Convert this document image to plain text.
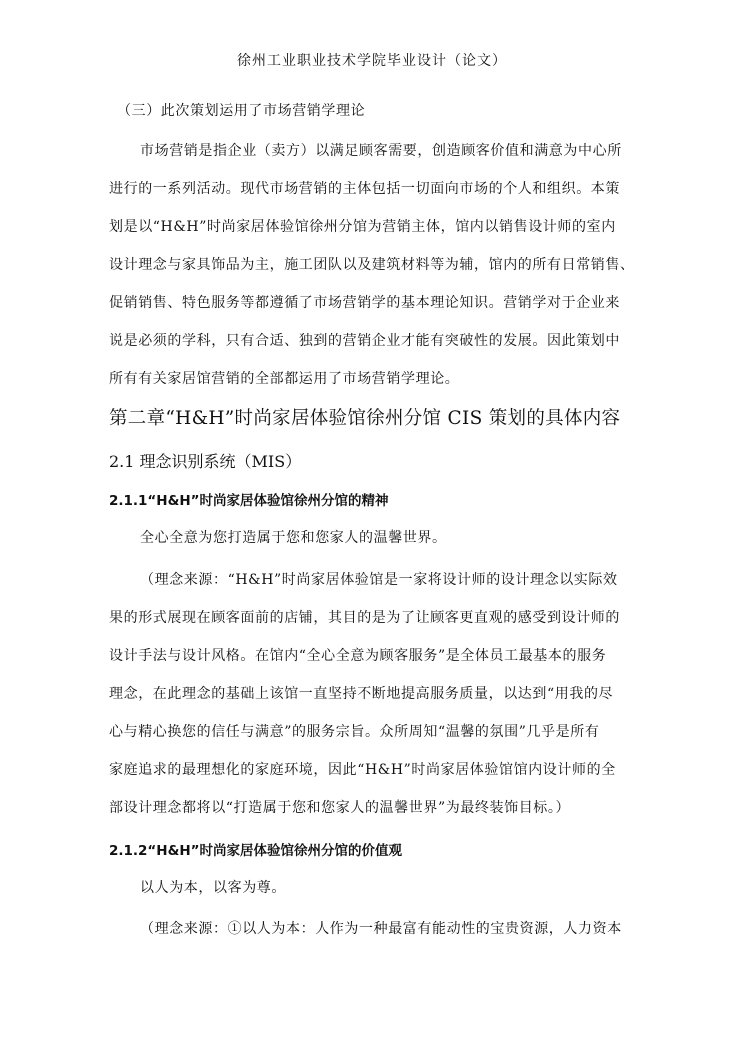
徐州工业职业技术学院毕业设计（论文）
（三）此次策划运用了市场营销学理论
市场营销是指企业（卖方）以满足顾客需要，创造顾客价值和满意为中心所
进行的一系列活动。现代市场营销的主体包括一切面向市场的个人和组织。本策
划是以“H&H”时尚家居体验馆徐州分馆为营销主体，馆内以销售设计师的室内
设计理念与家具饰品为主，施工团队以及建筑材料等为辅，馆内的所有日常销售、
促销销售、特色服务等都遵循了市场营销学的基本理论知识。营销学对于企业来
说是必须的学科，只有合适、独到的营销企业才能有突破性的发展。因此策划中
所有有关家居馆营销的全部都运用了市场营销学理论。
第二章“H&H”时尚家居体验馆徐州分馆 CIS 策划的具体内容
2.1 理念识别系统（MIS）
2.1.1“H&H”时尚家居体验馆徐州分馆的精神
全心全意为您打造属于您和您家人的温馨世界。
（理念来源：“H&H”时尚家居体验馆是一家将设计师的设计理念以实际效
果的形式展现在顾客面前的店铺，其目的是为了让顾客更直观的感受到设计师的
设计手法与设计风格。在馆内“全心全意为顾客服务”是全体员工最基本的服务
理念，在此理念的基础上该馆一直坚持不断地提高服务质量，以达到“用我的尽
心与精心换您的信任与满意”的服务宗旨。众所周知“温馨的氛围”几乎是所有
家庭追求的最理想化的家庭环境，因此“H&H”时尚家居体验馆馆内设计师的全
部设计理念都将以“打造属于您和您家人的温馨世界”为最终装饰目标。）
2.1.2“H&H”时尚家居体验馆徐州分馆的价值观
以人为本，以客为尊。
（理念来源：①以人为本：人作为一种最富有能动性的宝贵资源，人力资本
